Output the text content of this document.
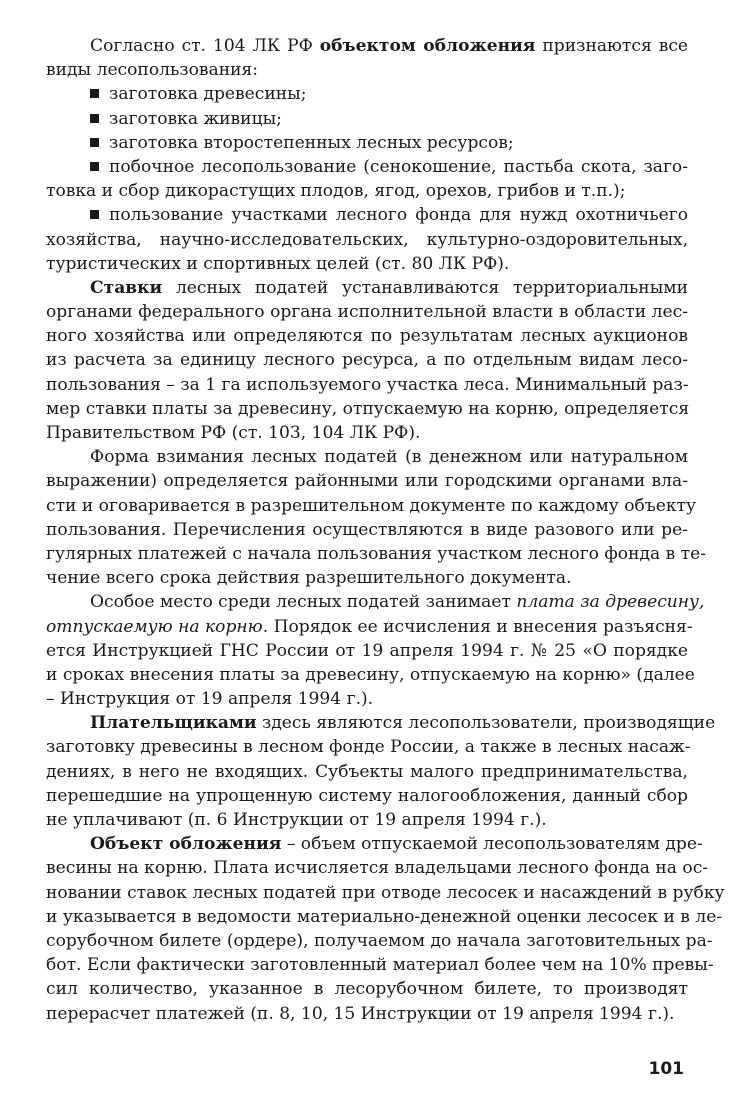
Согласно ст. 104 ЛК РФ объектом обложения признаются все
виды лесопользования:
заготовка древесины;
заготовка живицы;
заготовка второстепенных лесных ресурсов;
побочное лесопользование (сенокошение, пастьба скота, заго-
товка и сбор дикорастущих плодов, ягод, орехов, грибов и т.п.);
пользование участками лесного фонда для нужд охотничьего
хозяйства, научно-исследовательских, культурно-оздоровительных,
туристических и спортивных целей (ст. 80 ЛК РФ).
Ставки лесных податей устанавливаются территориальными
органами федерального органа исполнительной власти в области лес-
ного хозяйства или определяются по результатам лесных аукционов
из расчета за единицу лесного ресурса, а по отдельным видам лесо-
пользования – за 1 га используемого участка леса. Минимальный раз-
мер ставки платы за древесину, отпускаемую на корню, определяется
Правительством РФ (ст. 103, 104 ЛК РФ).
Форма взимания лесных податей (в денежном или натуральном
выражении) определяется районными или городскими органами вла-
сти и оговаривается в разрешительном документе по каждому объекту
пользования. Перечисления осуществляются в виде разового или ре-
гулярных платежей с начала пользования участком лесного фонда в те-
чение всего срока действия разрешительного документа.
Особое место среди лесных податей занимает плата за древесину,
отпускаемую на корню. Порядок ее исчисления и внесения разъясня-
ется Инструкцией ГНС России от 19 апреля 1994 г. № 25 «О порядке
и сроках внесения платы за древесину, отпускаемую на корню» (далее
– Инструкция от 19 апреля 1994 г.).
Плательщиками здесь являются лесопользователи, производящие
заготовку древесины в лесном фонде России, а также в лесных насаж-
дениях, в него не входящих. Субъекты малого предпринимательства,
перешедшие на упрощенную систему налогообложения, данный сбор
не уплачивают (п. 6 Инструкции от 19 апреля 1994 г.).
Объект обложения – объем отпускаемой лесопользователям дре-
весины на корню. Плата исчисляется владельцами лесного фонда на ос-
новании ставок лесных податей при отводе лесосек и насаждений в рубку
и указывается в ведомости материально-денежной оценки лесосек и в ле-
сорубочном билете (ордере), получаемом до начала заготовительных ра-
бот. Если фактически заготовленный материал более чем на 10% превы-
сил количество, указанное в лесорубочном билете, то производят
перерасчет платежей (п. 8, 10, 15 Инструкции от 19 апреля 1994 г.).
101
